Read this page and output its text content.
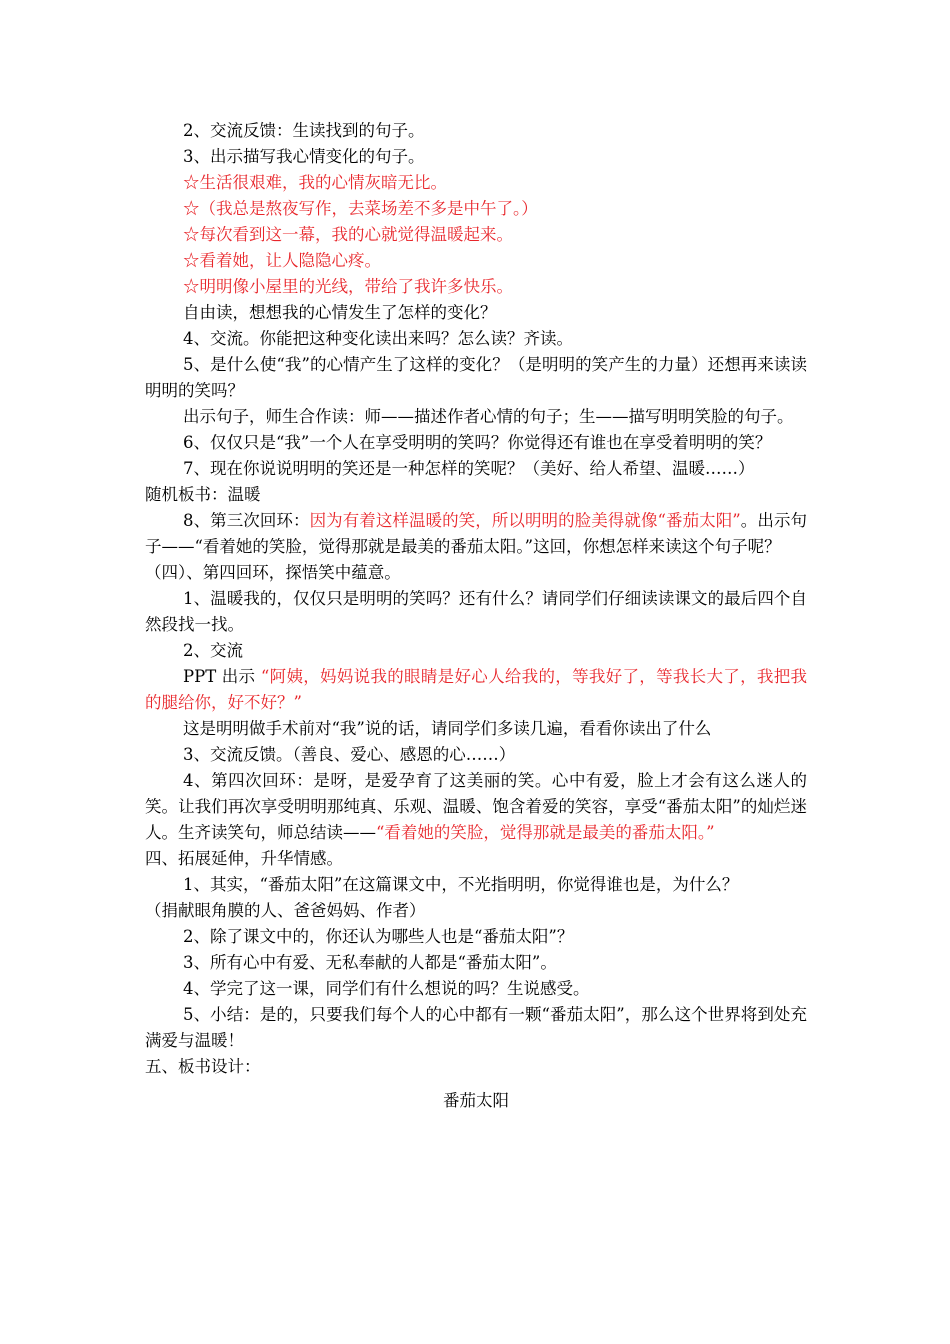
2、交流反馈：生读找到的句子。

3、出示描写我心情变化的句子。

☆生活很艰难，我的心情灰暗无比。

☆（我总是熬夜写作，去菜场差不多是中午了。）

☆每次看到这一幕，我的心就觉得温暖起来。

☆看着她，让人隐隐心疼。

☆明明像小屋里的光线，带给了我许多快乐。

自由读，想想我的心情发生了怎样的变化？

4、交流。你能把这种变化读出来吗？怎么读？齐读。

5、是什么使“我”的心情产生了这样的变化？（是明明的笑产生的力量）还想再来读读明明的笑吗？

出示句子，师生合作读：师——描述作者心情的句子；生——描写明明笑脸的句子。

6、仅仅只是“我”一个人在享受明明的笑吗？你觉得还有谁也在享受着明明的笑？

7、现在你说说明明的笑还是一种怎样的笑呢？（美好、给人希望、温暖……）

随机板书：温暖

8、第三次回环：因为有着这样温暖的笑，所以明明的脸美得就像“番茄太阳”。出示句子——“看着她的笑脸，觉得那就是最美的番茄太阳。”这回，你想怎样来读这个句子呢？

（四）、第四回环，探悟笑中蕴意。

1、温暖我的，仅仅只是明明的笑吗？还有什么？请同学们仔细读读课文的最后四个自然段找一找。

2、交流

PPT 出示 “阿姨，妈妈说我的眼睛是好心人给我的，等我好了，等我长大了，我把我的腿给你，好不好？”

这是明明做手术前对“我”说的话，请同学们多读几遍，看看你读出了什么

3、交流反馈。（善良、爱心、感恩的心……）

4、第四次回环：是呀，是爱孕育了这美丽的笑。心中有爱，脸上才会有这么迷人的笑。让我们再次享受明明那纯真、乐观、温暖、饱含着爱的笑容，享受“番茄太阳”的灿烂迷人。生齐读笑句，师总结读——“看着她的笑脸，觉得那就是最美的番茄太阳。”

四、拓展延伸，升华情感。

1、其实，“番茄太阳”在这篇课文中，不光指明明，你觉得谁也是，为什么？

（捐献眼角膜的人、爸爸妈妈、作者）

2、除了课文中的，你还认为哪些人也是“番茄太阳”？

3、所有心中有爱、无私奉献的人都是“番茄太阳”。

4、学完了这一课，同学们有什么想说的吗？生说感受。

5、小结：是的，只要我们每个人的心中都有一颗“番茄太阳”，那么这个世界将到处充满爱与温暖！

五、板书设计：

番茄太阳
